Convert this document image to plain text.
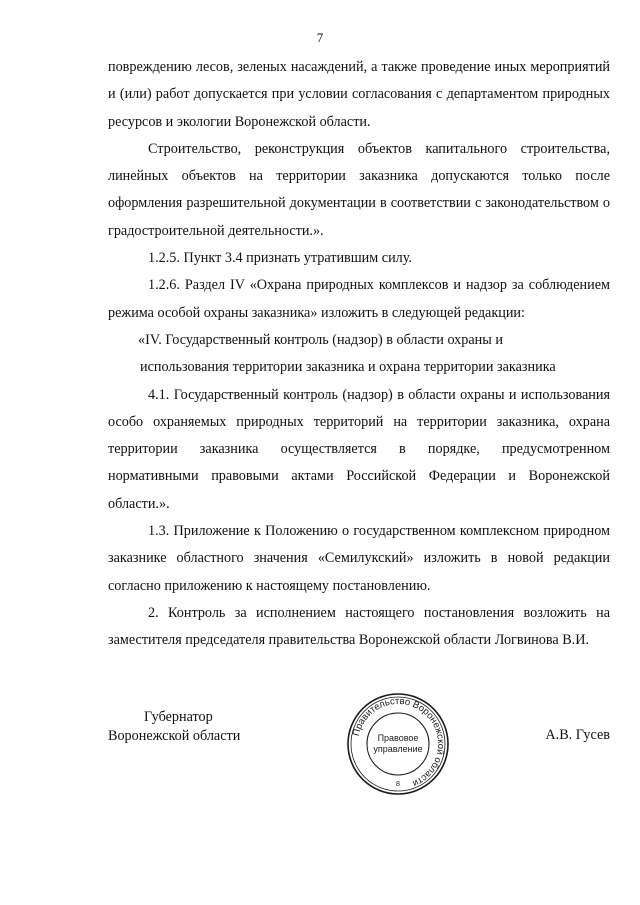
7

повреждению лесов, зеленых насаждений, а также проведение иных мероприятий и (или) работ допускается при условии согласования с департаментом природных ресурсов и экологии Воронежской области.

Строительство, реконструкция объектов капитального строительства, линейных объектов на территории заказника допускаются только после оформления разрешительной документации в соответствии с законодательством о градостроительной деятельности.».

1.2.5. Пункт 3.4 признать утратившим силу.

1.2.6. Раздел IV «Охрана природных комплексов и надзор за соблюдением режима особой охраны заказника» изложить в следующей редакции:

«IV. Государственный контроль (надзор) в области охраны и

использования территории заказника и охрана территории заказника

4.1. Государственный контроль (надзор) в области охраны и использования особо охраняемых природных территорий на территории заказника, охрана территории заказника осуществляется в порядке, предусмотренном нормативными правовыми актами Российской Федерации и Воронежской области.».

1.3. Приложение к Положению о государственном комплексном природном заказнике областного значения «Семилукский» изложить в новой редакции согласно приложению к настоящему постановлению.

2. Контроль за исполнением настоящего постановления возложить на заместителя председателя правительства Воронежской области Логвинова В.И.

Губернатор
Воронежской области	А.В. Гусев
Правительство Воронежской области
Правовое
управление
8
